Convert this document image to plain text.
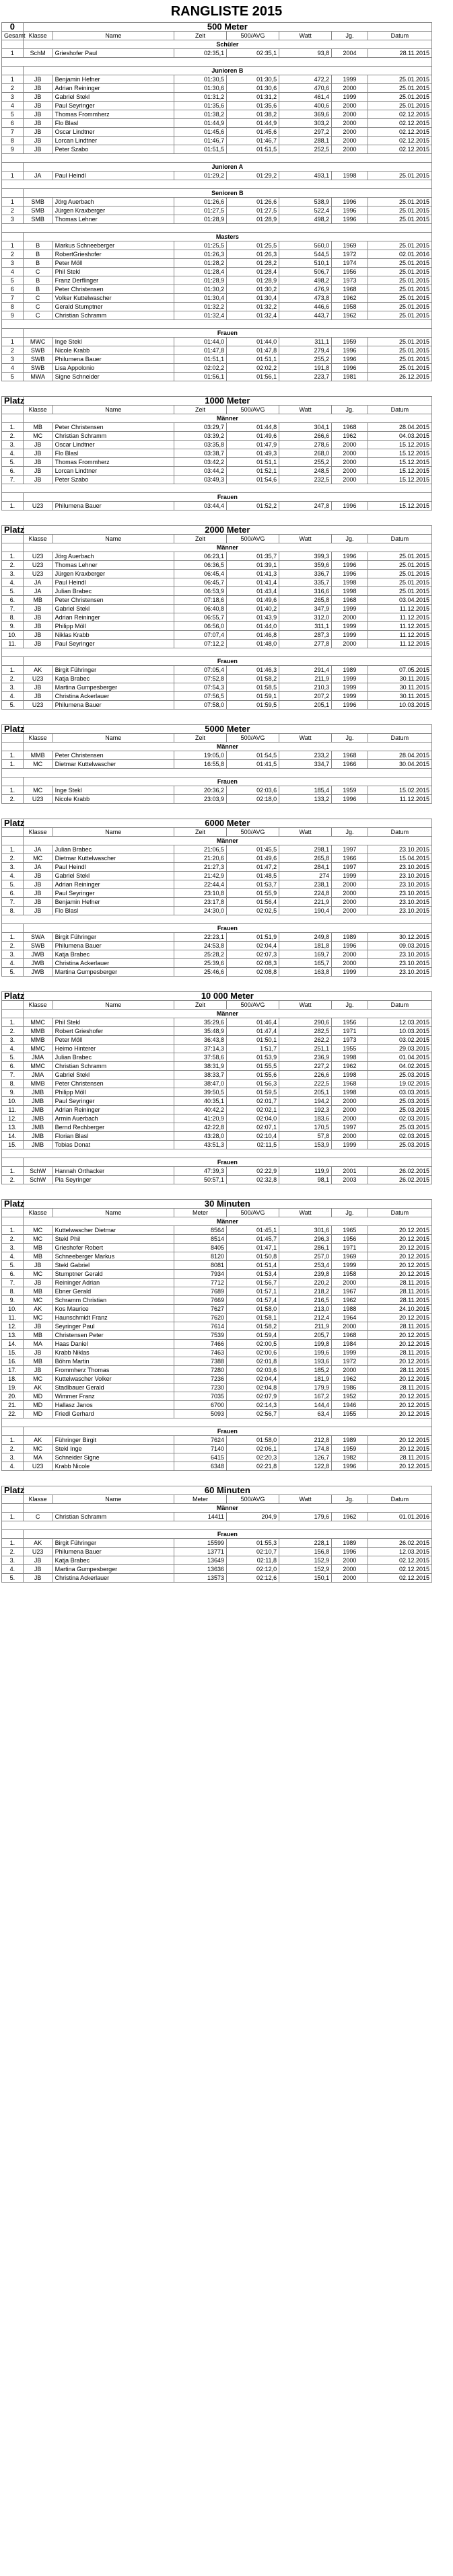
RANGLISTE 2015
0	500 Meter						
Gesamt	Klasse	Name	Zeit	500/AVG	Watt	Jg.	Datum
	Schüler						
1	SchM	Grieshofer Paul	02:35,1	02:35,1	93,8	2004	28.11.2015

	Junioren B						
1	JB	Benjamin Hefner	01:30,5	01:30,5	472,2	1999	25.01.2015
2	JB	Adrian Reininger	01:30,6	01:30,6	470,6	2000	25.01.2015
3	JB	Gabriel Stekl	01:31,2	01:31,2	461,4	1999	25.01.2015
4	JB	Paul Seyringer	01:35,6	01:35,6	400,6	2000	25.01.2015
5	JB	Thomas Frommherz	01:38,2	01:38,2	369,6	2000	02.12.2015
6	JB	Flo Blasl	01:44,9	01:44,9	303,2	2000	02.12.2015
7	JB	Oscar Lindtner	01:45,6	01:45,6	297,2	2000	02.12.2015
8	JB	Lorcan Lindtner	01:46,7	01:46,7	288,1	2000	02.12.2015
9	JB	Peter Szabo	01:51,5	01:51,5	252,5	2000	02.12.2015

	Junioren A						
1	JA	Paul Heindl	01:29,2	01:29,2	493,1	1998	25.01.2015

	Senioren B						
1	SMB	Jörg Auerbach	01:26,6	01:26,6	538,9	1996	25.01.2015
2	SMB	Jürgen Kraxberger	01:27,5	01:27,5	522,4	1996	25.01.2015
3	SMB	Thomas Lehner	01:28,9	01:28,9	498,2	1996	25.01.2015

	Masters						
1	B	Markus Schneeberger	01:25,5	01:25,5	560,0	1969	25.01.2015
2	B	RobertGrieshofer	01:26,3	01:26,3	544,5	1972	02.01.2016
3	B	Peter Möll	01:28,2	01:28,2	510,1	1974	25.01.2015
4	C	Phil Stekl	01:28,4	01:28,4	506,7	1956	25.01.2015
5	B	Franz Derflinger	01:28,9	01:28,9	498,2	1973	25.01.2015
6	B	Peter Christensen	01:30,2	01:30,2	476,9	1968	25.01.2015
7	C	Volker Kuttelwascher	01:30,4	01:30,4	473,8	1962	25.01.2015
8	C	Gerald Stumptner	01:32,2	01:32,2	446,6	1958	25.01.2015
9	C	Christian Schramm	01:32,4	01:32,4	443,7	1962	25.01.2015

	Frauen						
1	MWC	Inge Stekl	01:44,0	01:44,0	311,1	1959	25.01.2015
2	SWB	Nicole Krabb	01:47,8	01:47,8	279,4	1996	25.01.2015
3	SWB	Philumena Bauer	01:51,1	01:51,1	255,2	1996	25.01.2015
4	SWB	Lisa Appolonio	02:02,2	02:02,2	191,8	1996	25.01.2015
5	MWA	Signe Schneider	01:56,1	01:56,1	223,7	1981	26.12.2015
Platz	1000 Meter						
	Klasse	Name	Zeit	500/AVG	Watt	Jg.	Datum
	Männer						
1.	MB	Peter Christensen	03:29,7	01:44,8	304,1	1968	28.04.2015
2.	MC	Christian Schramm	03:39,2	01:49,6	266,6	1962	04.03.2015
3.	JB	Oscar Lindtner	03:35,8	01:47,9	278,6	2000	15.12.2015
4.	JB	Flo Blasl	03:38,7	01:49,3	268,0	2000	15.12.2015
5.	JB	Thomas Frommherz	03:42,2	01:51,1	255,2	2000	15.12.2015
6.	JB	Lorcan Lindtner	03:44,2	01:52,1	248,5	2000	15.12.2015
7.	JB	Peter Szabo	03:49,3	01:54,6	232,5	2000	15.12.2015

	Frauen						
1.	U23	Philumena Bauer	03:44,4	01:52,2	247,8	1996	15.12.2015
Platz	2000 Meter						
	Klasse	Name	Zeit	500/AVG	Watt	Jg.	Datum
	Männer						
1.	U23	Jörg Auerbach	06:23,1	01:35,7	399,3	1996	25.01.2015
2.	U23	Thomas Lehner	06:36,5	01:39,1	359,6	1996	25.01.2015
3.	U23	Jürgen Kraxberger	06:45,4	01:41,3	336,7	1996	25.01.2015
4.	JA	Paul Heindl	06:45,7	01:41,4	335,7	1998	25.01.2015
5.	JA	Julian Brabec	06:53,9	01:43,4	316,6	1998	25.01.2015
6.	MB	Peter Christensen	07:18,6	01:49,6	265,8	1968	03.04.2015
7.	JB	Gabriel Stekl	06:40,8	01:40,2	347,9	1999	11.12.2015
8.	JB	Adrian Reininger	06:55,7	01:43,9	312,0	2000	11.12.2015
9.	JB	Philipp Möll	06:56,0	01:44,0	311,1	1999	11.12.2015
10.	JB	Niklas Krabb	07:07,4	01:46,8	287,3	1999	11.12.2015
11.	JB	Paul Seyringer	07:12,2	01:48,0	277,8	2000	11.12.2015

	Frauen						
1.	AK	Birgit Führinger	07:05,4	01:46,3	291,4	1989	07.05.2015
2.	U23	Katja Brabec	07:52,8	01:58,2	211,9	1999	30.11.2015
3.	JB	Martina Gumpesberger	07:54,3	01:58,5	210,3	1999	30.11.2015
4.	JB	Christina Ackerlauer	07:56,5	01:59,1	207,2	1999	30.11.2015
5.	U23	Philumena Bauer	07:58,0	01:59,5	205,1	1996	10.03.2015
Platz	5000 Meter						
	Klasse	Name	Zeit	500/AVG	Watt	Jg.	Datum
	Männer						
1.	MMB	Peter Christensen	19:05,0	01:54,5	233,2	1968	28.04.2015
1.	MC	Dietmar Kuttelwascher	16:55,8	01:41,5	334,7	1966	30.04.2015

	Frauen						
1.	MC	Inge Stekl	20:36,2	02:03,6	185,4	1959	15.02.2015
2.	U23	Nicole Krabb	23:03,9	02:18,0	133,2	1996	11.12.2015
Platz	6000 Meter						
	Klasse	Name	Zeit	500/AVG	Watt	Jg.	Datum
	Männer						
1.	JA	Julian Brabec	21:06,5	01:45,5	298,1	1997	23.10.2015
2.	MC	Dietmar Kuttelwascher	21:20,6	01:49,6	265,8	1966	15.04.2015
3.	JA	Paul Heindl	21:27,3	01:47,2	284,1	1997	23.10.2015
4.	JB	Gabriel Stekl	21:42,9	01:48,5	274	1999	23.10.2015
5.	JB	Adrian Reininger	22:44,4	01:53,7	238,1	2000	23.10.2015
6.	JB	Paul Seyringer	23:10,8	01:55,9	224,8	2000	23.10.2015
7.	JB	Benjamin Hefner	23:17,8	01:56,4	221,9	2000	23.10.2015
8.	JB	Flo Blasl	24:30,0	02:02,5	190,4	2000	23.10.2015

	Frauen						
1.	SWA	Birgit Führinger	22:23,1	01:51,9	249,8	1989	30.12.2015
2.	SWB	Philumena Bauer	24:53,8	02:04,4	181,8	1996	09.03.2015
3.	JWB	Katja Brabec	25:28,2	02:07,3	169,7	2000	23.10.2015
4.	JWB	Christina Ackerlauer	25:39,6	02:08,3	165,7	2000	23.10.2015
5.	JWB	Martina Gumpesberger	25:46,6	02:08,8	163,8	1999	23.10.2015
Platz	10 000 Meter						
	Klasse	Name	Zeit	500/AVG	Watt	Jg.	Datum
	Männer						
1.	MMC	Phil Stekl	35:29,6	01:46,4	290,6	1956	12.03.2015
2.	MMB	Robert Grieshofer	35:48,9	01:47,4	282,5	1971	10.03.2015
3.	MMB	Peter Möll	36:43,8	01:50,1	262,2	1973	03.02.2015
4.	MMC	Heimo Hinterer	37:14,3	1:51,7	251,1	1955	29.03.2015
5.	JMA	Julian Brabec	37:58,6	01:53,9	236,9	1998	01.04.2015
6.	MMC	Christian Schramm	38:31,9	01:55,5	227,2	1962	04.02.2015
7.	JMA	Gabriel Stekl	38:33,7	01:55,6	226,6	1998	25.03.2015
8.	MMB	Peter Christensen	38:47,0	01:56,3	222,5	1968	19.02.2015
9.	JMB	Philipp Möll	39:50,5	01:59,5	205,1	1998	03.03.2015
10.	JMB	Paul Seyringer	40:35,1	02:01,7	194,2	2000	25.03.2015
11.	JMB	Adrian Reininger	40:42,2	02:02,1	192,3	2000	25.03.2015
12.	JMB	Armin Auerbach	41:20,9	02:04,0	183,6	2000	02.03.2015
13.	JMB	Bernd Rechberger	42:22,8	02:07,1	170,5	1997	25.03.2015
14.	JMB	Florian Blasl	43:28,0	02:10,4	57,8	2000	02.03.2015
15.	JMB	Tobias Donat	43:51,3	02:11,5	153,9	1999	25.03.2015

	Frauen						
1.	SchW	Hannah Orthacker	47:39,3	02:22,9	119,9	2001	26.02.2015
2.	SchW	Pia Seyringer	50:57,1	02:32,8	98,1	2003	26.02.2015
Platz	30 Minuten						
	Klasse	Name	Meter	500/AVG	Watt	Jg.	Datum
	Männer						
1.	MC	Kuttelwascher Dietmar	8564	01:45,1	301,6	1965	20.12.2015
2.	MC	Stekl Phil	8514	01:45,7	296,3	1956	20.12.2015
3.	MB	Grieshofer Robert	8405	01:47,1	286,1	1971	20.12.2015
4.	MB	Schneeberger Markus	8120	01:50,8	257,0	1969	20.12.2015
5.	JB	Stekl Gabriel	8081	01:51,4	253,4	1999	20.12.2015
6.	MC	Stumptner Gerald	7934	01:53,4	239,8	1958	20.12.2015
7.	JB	Reininger Adrian	7712	01:56,7	220,2	2000	28.11.2015
8.	MB	Ebner Gerald	7689	01:57,1	218,2	1967	28.11.2015
9.	MC	Schramm Christian	7669	01:57,4	216,5	1962	28.11.2015
10.	AK	Kos Maurice	7627	01:58,0	213,0	1988	24.10.2015
11.	MC	Haunschmidt Franz	7620	01:58,1	212,4	1964	20.12.2015
12.	JB	Seyringer Paul	7614	01:58,2	211,9	2000	28.11.2015
13.	MB	Christensen Peter	7539	01:59,4	205,7	1968	20.12.2015
14.	MA	Haas Daniel	7466	02:00,5	199,8	1984	20.12.2015
15.	JB	Krabb Niklas	7463	02:00,6	199,6	1999	28.11.2015
16.	MB	Böhm Martin	7388	02:01,8	193,6	1972	20.12.2015
17.	JB	Frommherz Thomas	7280	02:03,6	185,2	2000	28.11.2015
18.	MC	Kuttelwascher Volker	7236	02:04,4	181,9	1962	20.12.2015
19.	AK	Stadlbauer Gerald	7230	02:04,8	179,9	1986	28.11.2015
20.	MD	Wimmer Franz	7035	02:07,9	167,2	1952	20.12.2015
21.	MD	Hallasz Janos	6700	02:14,3	144,4	1946	20.12.2015
22.	MD	Friedl Gerhard	5093	02:56,7	63,4	1955	20.12.2015

	Frauen						
1.	AK	Führinger Birgit	7624	01:58,0	212,8	1989	20.12.2015
2.	MC	Stekl Inge	7140	02:06,1	174,8	1959	20.12.2015
3.	MA	Schneider Signe	6415	02:20,3	126,7	1982	28.11.2015
4.	U23	Krabb Nicole	6348	02:21,8	122,8	1996	20.12.2015
Platz	60 Minuten						
	Klasse	Name	Meter	500/AVG	Watt	Jg.	Datum
	Männer						
1.	C	Christian Schramm	14411	204,9	179,6	1962	01.01.2016

	Frauen						
1.	AK	Birgit Führinger	15599	01:55,3	228,1	1989	26.02.2015
2.	U23	Philumena Bauer	13771	02:10,7	156,8	1996	12.03.2015
3.	JB	Katja Brabec	13649	02:11,8	152,9	2000	02.12.2015
4.	JB	Martina Gumpesberger	13636	02:12,0	152,9	2000	02.12.2015
5.	JB	Christina Ackerlauer	13573	02:12,6	150,1	2000	02.12.2015
